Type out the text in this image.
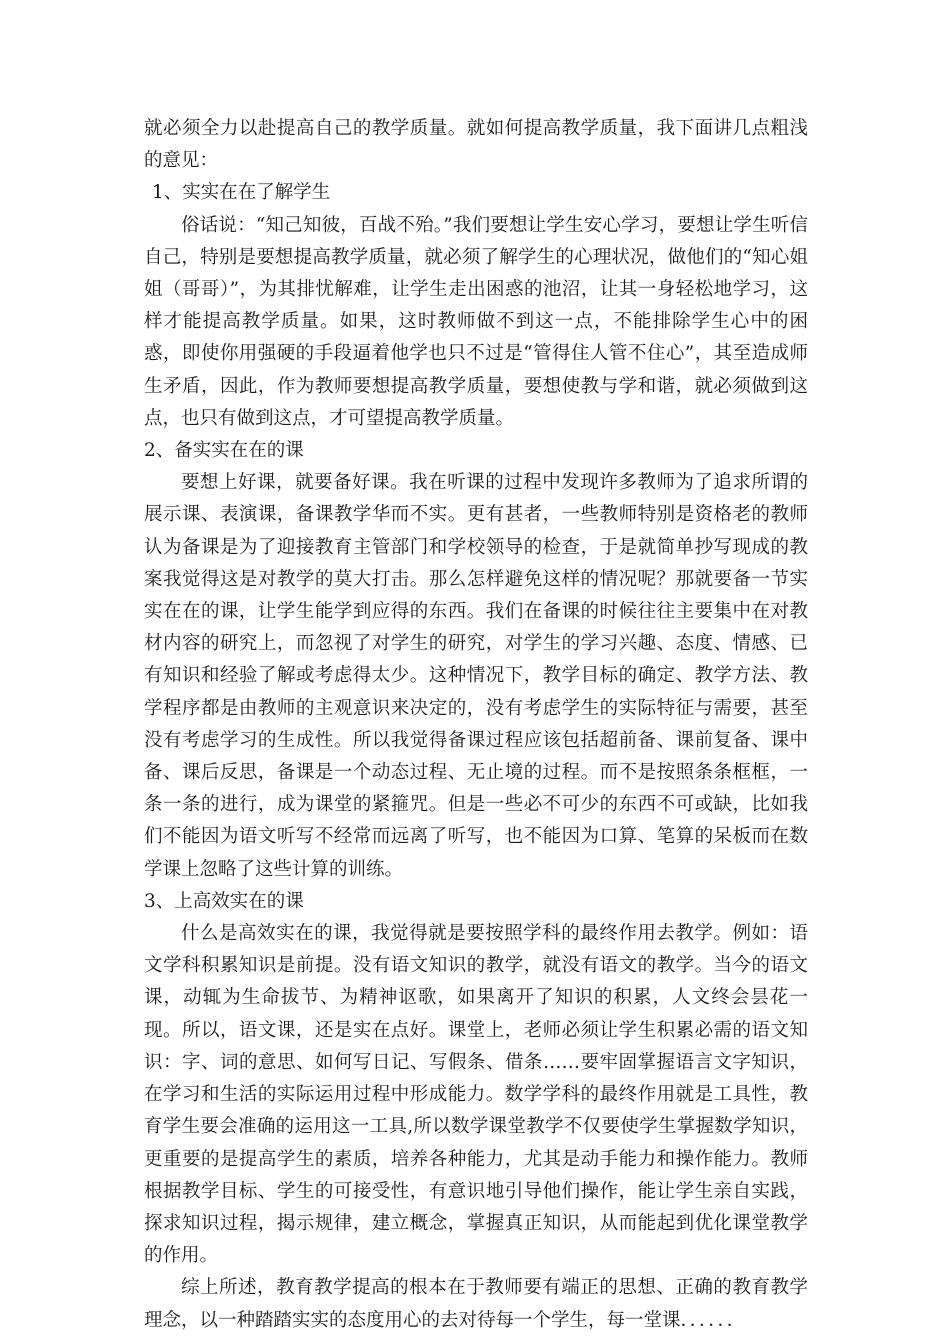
就必须全力以赴提高自己的教学质量。就如何提高教学质量，我下面讲几点粗浅的意见：

1、实实在在了解学生

俗话说：“知己知彼，百战不殆。”我们要想让学生安心学习，要想让学生听信自己，特别是要想提高教学质量，就必须了解学生的心理状况，做他们的“知心姐姐（哥哥）”，为其排忧解难，让学生走出困惑的池沼，让其一身轻松地学习，这样才能提高教学质量。如果，这时教师做不到这一点，不能排除学生心中的困惑，即使你用强硬的手段逼着他学也只不过是“管得住人管不住心”，其至造成师生矛盾，因此，作为教师要想提高教学质量，要想使教与学和谐，就必须做到这点，也只有做到这点，才可望提高教学质量。

2、备实实在在的课

要想上好课，就要备好课。我在听课的过程中发现许多教师为了追求所谓的展示课、表演课，备课教学华而不实。更有甚者，一些教师特别是资格老的教师认为备课是为了迎接教育主管部门和学校领导的检查，于是就简单抄写现成的教案我觉得这是对教学的莫大打击。那么怎样避免这样的情况呢？那就要备一节实实在在的课，让学生能学到应得的东西。我们在备课的时候往往主要集中在对教材内容的研究上，而忽视了对学生的研究，对学生的学习兴趣、态度、情感、已有知识和经验了解或考虑得太少。这种情况下，教学目标的确定、教学方法、教学程序都是由教师的主观意识来决定的，没有考虑学生的实际特征与需要，甚至没有考虑学习的生成性。所以我觉得备课过程应该包括超前备、课前复备、课中备、课后反思，备课是一个动态过程、无止境的过程。而不是按照条条框框，一条一条的进行，成为课堂的紧箍咒。但是一些必不可少的东西不可或缺，比如我们不能因为语文听写不经常而远离了听写，也不能因为口算、笔算的呆板而在数学课上忽略了这些计算的训练。

3、上高效实在的课

什么是高效实在的课，我觉得就是要按照学科的最终作用去教学。例如：语文学科积累知识是前提。没有语文知识的教学，就没有语文的教学。当今的语文课，动辄为生命拔节、为精神讴歌，如果离开了知识的积累，人文终会昙花一现。所以，语文课，还是实在点好。课堂上，老师必须让学生积累必需的语文知识：字、词的意思、如何写日记、写假条、借条……要牢固掌握语言文字知识，在学习和生活的实际运用过程中形成能力。数学学科的最终作用就是工具性，教育学生要会准确的运用这一工具,所以数学课堂教学不仅要使学生掌握数学知识，更重要的是提高学生的素质，培养各种能力，尤其是动手能力和操作能力。教师根据教学目标、学生的可接受性，有意识地引导他们操作，能让学生亲自实践，探求知识过程，揭示规律，建立概念，掌握真正知识，从而能起到优化课堂教学的作用。

综上所述，教育教学提高的根本在于教师要有端正的思想、正确的教育教学理念，以一种踏踏实实的态度用心的去对待每一个学生，每一堂课．．．．．．
